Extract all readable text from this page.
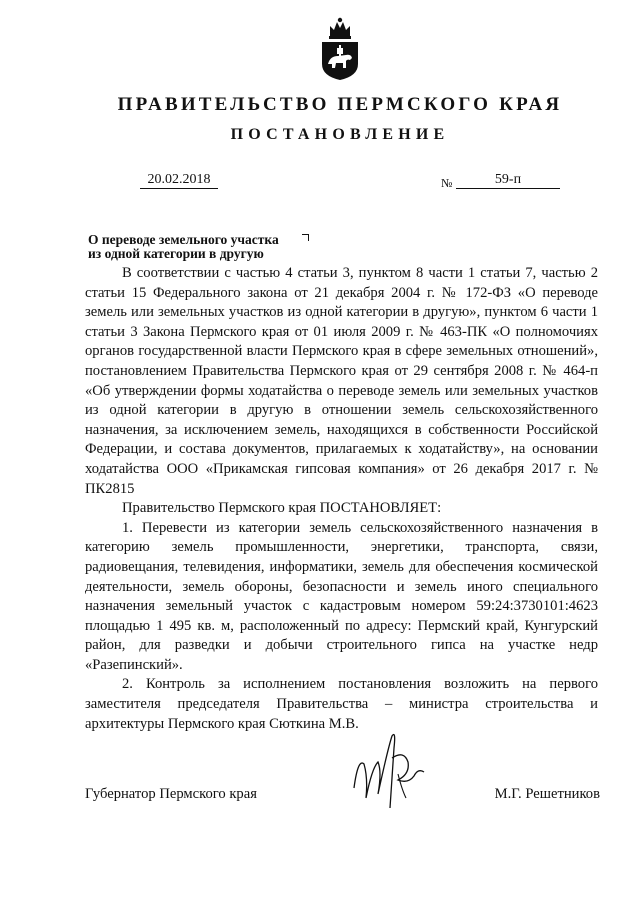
ПРАВИТЕЛЬСТВО ПЕРМСКОГО КРАЯ
ПОСТАНОВЛЕНИЕ
20.02.2018	№	59-п
О переводе земельного участка
из одной категории в другую

В соответствии с частью 4 статьи 3, пунктом 8 части 1 статьи 7, частью 2 статьи 15 Федерального закона от 21 декабря 2004 г. № 172-ФЗ «О переводе земель или земельных участков из одной категории в другую», пунктом 6 части 1 статьи 3 Закона Пермского края от 01 июля 2009 г. № 463-ПК «О полномочиях органов государственной власти Пермского края в сфере земельных отношений», постановлением Правительства Пермского края от 29 сентября 2008 г. № 464-п «Об утверждении формы ходатайства о переводе земель или земельных участков из одной категории в другую в отношении земель сельскохозяйственного назначения, за исключением земель, находящихся в собственности Российской Федерации, и состава документов, прилагаемых к ходатайству», на основании ходатайства ООО «Прикамская гипсовая компания» от 26 декабря 2017 г. № ПК2815

Правительство Пермского края ПОСТАНОВЛЯЕТ:

1. Перевести из категории земель сельскохозяйственного назначения в категорию земель промышленности, энергетики, транспорта, связи, радиовещания, телевидения, информатики, земель для обеспечения космической деятельности, земель обороны, безопасности и земель иного специального назначения земельный участок с кадастровым номером 59:24:3730101:4623 площадью 1 495 кв. м, расположенный по адресу: Пермский край, Кунгурский район, для разведки и добычи строительного гипса на участке недр «Разепинский».

2. Контроль за исполнением постановления возложить на первого заместителя председателя Правительства – министра строительства и архитектуры Пермского края Сюткина М.В.

Губернатор Пермского края	М.Г. Решетников
